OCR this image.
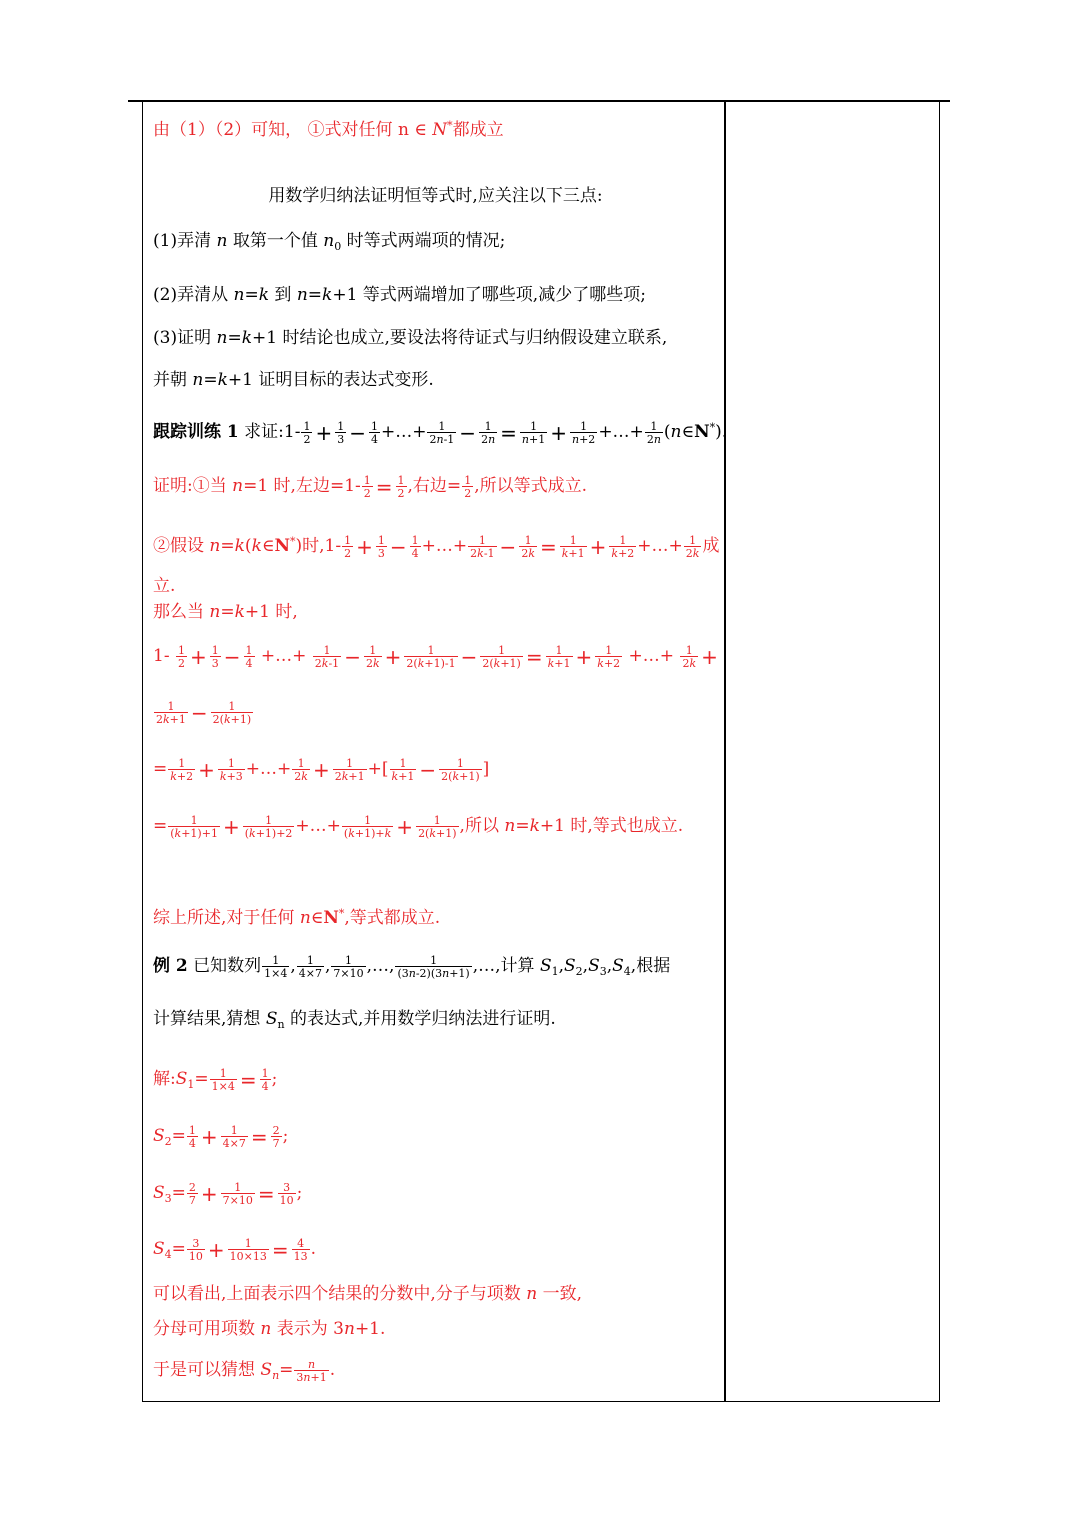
由（1）（2）可知， ①式对任何 n ∈ N*都成立
用数学归纳法证明恒等式时,应关注以下三点:
(1)弄清 n 取第一个值 $n_0$ 时等式两端项的情况;
(2)弄清从 n=k 到 n=k+1 等式两端增加了哪些项,减少了哪些项;
(3)证明 n=k+1 时结论也成立,要设法将待证式与归纳假设建立联系,
并朝 n=k+1 证明目标的表达式变形.
跟踪训练 1 求证:1- $\frac{1}{2} + \frac{1}{3} - \frac{1}{4}$ +…+ $\frac{1}{2n-1} - \frac{1}{2n} = \frac{1}{n+1} + \frac{1}{n+2}$ +…+ $\frac{1}{2n}$ (n∈N*).
证明:①当 n=1 时,左边$=1- \frac{1}{2} = \frac{1}{2}$ ,右边= $\frac{1}{2}$ ,所以等式成立.
②假设 n=k(k∈N*)时$,1- \frac{1}{2} + \frac{1}{3} - \frac{1}{4}$ +…+ $\frac{1}{2k-1} - \frac{1}{2k} = \frac{1}{k+1} + \frac{1}{k+2}$ +…+ $\frac{1}{2k}$ 成
立.
那么当 n=k+1 时,
$1- \frac{1}{2} + \frac{1}{3} - \frac{1}{4}$ +…+ $\frac{1}{2k-1} - \frac{1}{2k} + \frac{1}{2(k+1)-1} - \frac{1}{2(k+1)} = \frac{1}{k+1} + \frac{1}{k+2}$ +…+ $\frac{1}{2k}$ +
$\frac{1}{2k+1} - \frac{1}{2(k+1)}$
= $\frac{1}{k+2} + \frac{1}{k+3}$ +…+ $\frac{1}{2k} + \frac{1}{2k+1}$ +[ $\frac{1}{k+1} - \frac{1}{2(k+1)}$ ]
= $\frac{1}{(k+1)+1} + \frac{1}{(k+1)+2}$ +…+ $\frac{1}{(k+1)+k} + \frac{1}{2(k+1)}$ ,所以 n=k+1 时,等式也成立.
综上所述,对于任何 n∈N*,等式都成立.
例 2 已知数列 $\frac{1}{1\times 4}$ , $\frac{1}{4\times 7}$ , $\frac{1}{7\times 10}$ ,…, $\frac{1}{(3n-2)(3n+1)}$ ,…,计算 $S_1,S_2,S_3,S_4$,根据
计算结果,猜想 $S_n$ 的表达式,并用数学归纳法进行证明.
解$:S_1= \frac{1}{1\times 4} = \frac{1}{4}$ ;
$S_2= \frac{1}{4} + \frac{1}{4\times 7} = \frac{2}{7}$ ;
$S_3= \frac{2}{7} + \frac{1}{7\times 10} = \frac{3}{10}$ ;
$S_4= \frac{3}{10} + \frac{1}{10\times 13} = \frac{4}{13}$ .
可以看出,上面表示四个结果的分数中,分子与项数 n 一致,
分母可用项数 n 表示为 3n+1.
于是可以猜想 $S_n= \frac{n}{3n+1}$ .
